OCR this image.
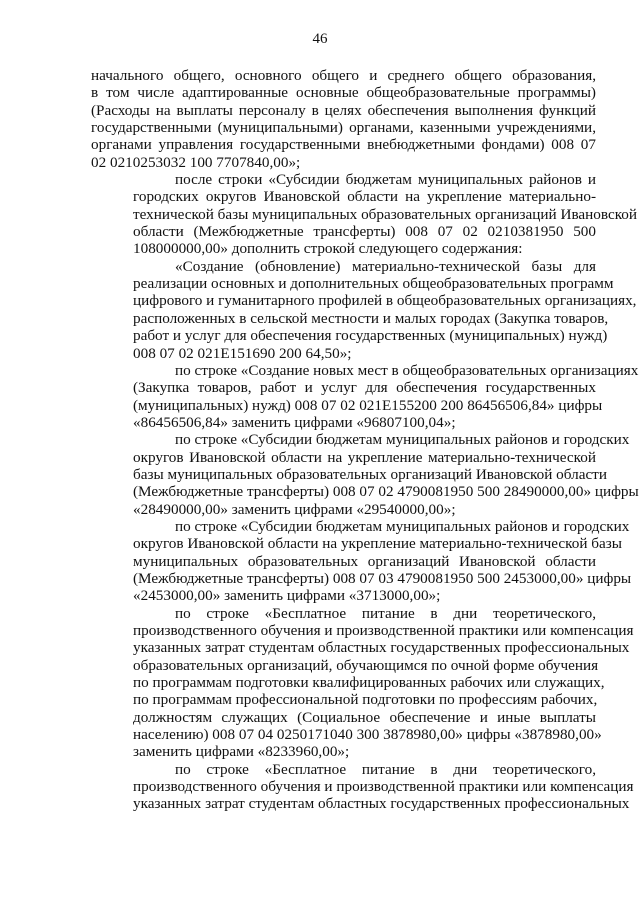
46
начального общего, основного общего и среднего общего образования,
в том числе адаптированные основные общеобразовательные программы)
(Расходы на выплаты персоналу в целях обеспечения выполнения функций
государственными (муниципальными) органами, казенными учреждениями,
органами управления государственными внебюджетными фондами) 008 07
02 0210253032 100 7707840,00»;
после строки «Субсидии бюджетам муниципальных районов и
городских округов Ивановской области на укрепление материально-
технической базы муниципальных образовательных организаций Ивановской
области (Межбюджетные трансферты) 008 07 02 0210381950 500
108000000,00» дополнить строкой следующего содержания:
«Создание (обновление) материально-технической базы для
реализации основных и дополнительных общеобразовательных программ
цифрового и гуманитарного профилей в общеобразовательных организациях,
расположенных в сельской местности и малых городах (Закупка товаров,
работ и услуг для обеспечения государственных (муниципальных) нужд)
008 07 02 021E151690 200 64,50»;
по строке «Создание новых мест в общеобразовательных организациях
(Закупка товаров, работ и услуг для обеспечения государственных
(муниципальных) нужд) 008 07 02 021E155200 200 86456506,84» цифры
«86456506,84» заменить цифрами «96807100,04»;
по строке «Субсидии бюджетам муниципальных районов и городских
округов Ивановской области на укрепление материально-технической
базы муниципальных образовательных организаций Ивановской области
(Межбюджетные трансферты) 008 07 02 4790081950 500 28490000,00» цифры
«28490000,00» заменить цифрами «29540000,00»;
по строке «Субсидии бюджетам муниципальных районов и городских
округов Ивановской области на укрепление материально-технической базы
муниципальных образовательных организаций Ивановской области
(Межбюджетные трансферты) 008 07 03 4790081950 500 2453000,00» цифры
«2453000,00» заменить цифрами «3713000,00»;
по строке «Бесплатное питание в дни теоретического,
производственного обучения и производственной практики или компенсация
указанных затрат студентам областных государственных профессиональных
образовательных организаций, обучающимся по очной форме обучения
по программам подготовки квалифицированных рабочих или служащих,
по программам профессиональной подготовки по профессиям рабочих,
должностям служащих (Социальное обеспечение и иные выплаты
населению) 008 07 04 0250171040 300 3878980,00» цифры «3878980,00»
заменить цифрами «8233960,00»;
по строке «Бесплатное питание в дни теоретического,
производственного обучения и производственной практики или компенсация
указанных затрат студентам областных государственных профессиональных
